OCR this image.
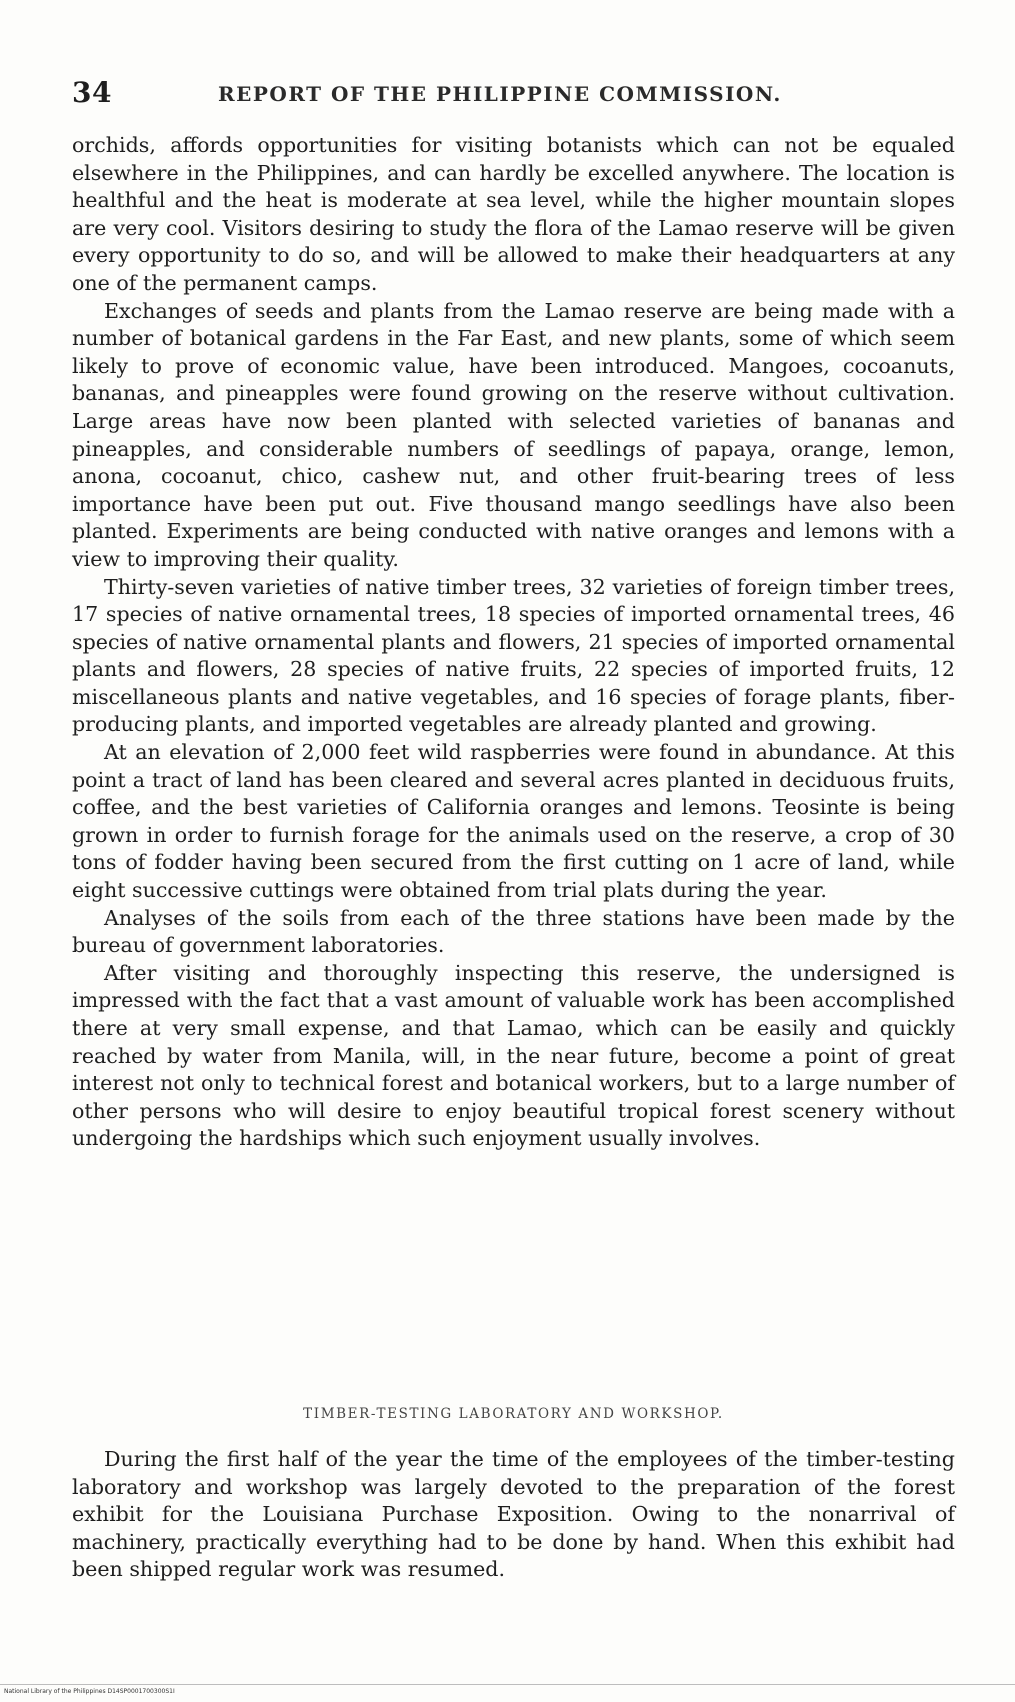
34	REPORT OF THE PHILIPPINE COMMISSION.

orchids, affords opportunities for visiting botanists which can not be equaled elsewhere in the Philippines, and can hardly be excelled anywhere. The location is healthful and the heat is moderate at sea level, while the higher mountain slopes are very cool. Visitors desiring to study the flora of the Lamao reserve will be given every opportunity to do so, and will be allowed to make their headquarters at any one of the permanent camps.

Exchanges of seeds and plants from the Lamao reserve are being made with a number of botanical gardens in the Far East, and new plants, some of which seem likely to prove of economic value, have been introduced. Mangoes, cocoanuts, bananas, and pineapples were found growing on the reserve without cultivation. Large areas have now been planted with selected varieties of bananas and pineapples, and considerable numbers of seedlings of papaya, orange, lemon, anona, cocoanut, chico, cashew nut, and other fruit-bearing trees of less importance have been put out. Five thousand mango seedlings have also been planted. Experiments are being conducted with native oranges and lemons with a view to improving their quality.

Thirty-seven varieties of native timber trees, 32 varieties of foreign timber trees, 17 species of native ornamental trees, 18 species of imported ornamental trees, 46 species of native ornamental plants and flowers, 21 species of imported ornamental plants and flowers, 28 species of native fruits, 22 species of imported fruits, 12 miscellaneous plants and native vegetables, and 16 species of forage plants, fiber-producing plants, and imported vegetables are already planted and growing.

At an elevation of 2,000 feet wild raspberries were found in abundance. At this point a tract of land has been cleared and several acres planted in deciduous fruits, coffee, and the best varieties of California oranges and lemons. Teosinte is being grown in order to furnish forage for the animals used on the reserve, a crop of 30 tons of fodder having been secured from the first cutting on 1 acre of land, while eight successive cuttings were obtained from trial plats during the year.

Analyses of the soils from each of the three stations have been made by the bureau of government laboratories.

After visiting and thoroughly inspecting this reserve, the undersigned is impressed with the fact that a vast amount of valuable work has been accomplished there at very small expense, and that Lamao, which can be easily and quickly reached by water from Manila, will, in the near future, become a point of great interest not only to technical forest and botanical workers, but to a large number of other persons who will desire to enjoy beautiful tropical forest scenery without undergoing the hardships which such enjoyment usually involves.

TIMBER-TESTING LABORATORY AND WORKSHOP.

During the first half of the year the time of the employees of the timber-testing laboratory and workshop was largely devoted to the preparation of the forest exhibit for the Louisiana Purchase Exposition. Owing to the nonarrival of machinery, practically everything had to be done by hand. When this exhibit had been shipped regular work was resumed.

National Library of the Philippines D14SP0001700300S1I
